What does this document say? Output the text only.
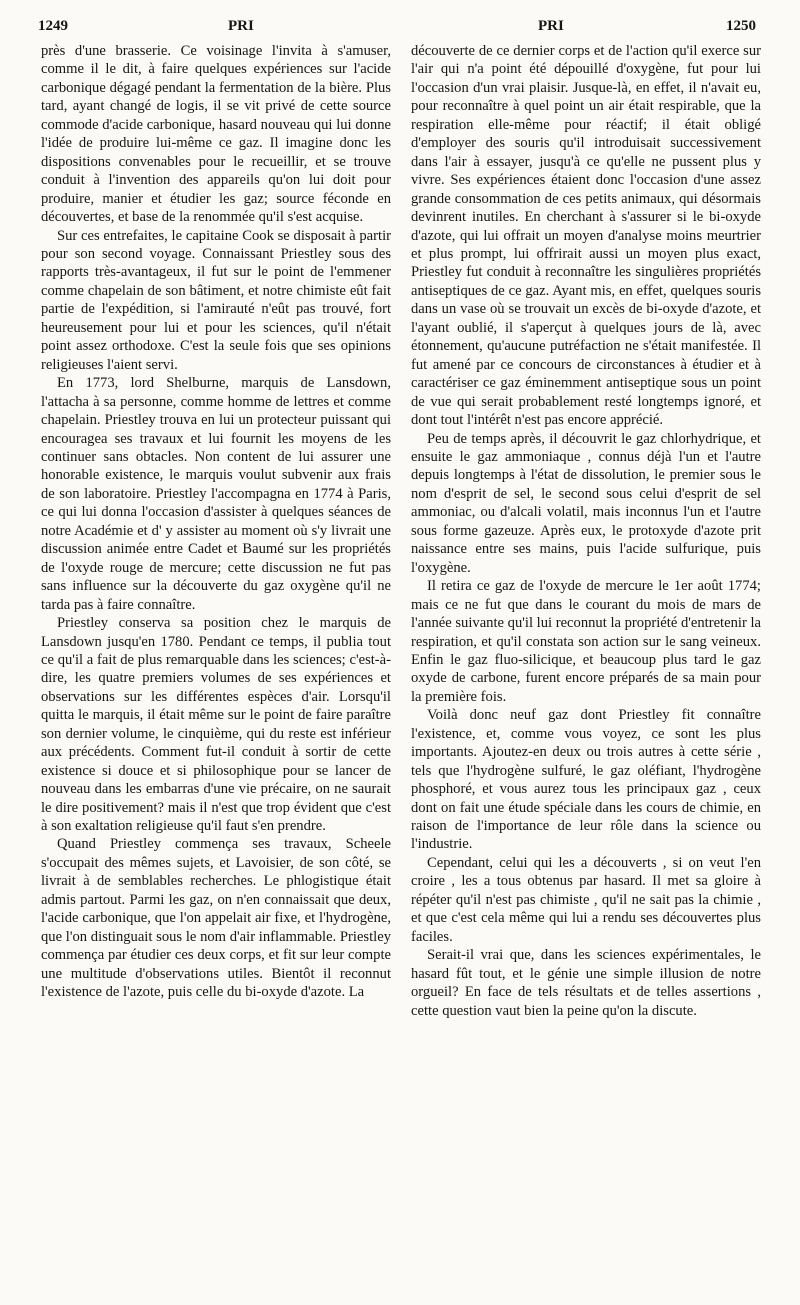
1249	PRI	PRI	1250

près d'une brasserie. Ce voisinage l'invita à s'amuser, comme il le dit, à faire quelques expériences sur l'acide carbonique dégagé pendant la fermentation de la bière. Plus tard, ayant changé de logis, il se vit privé de cette source commode d'acide carbonique, hasard nouveau qui lui donne l'idée de produire lui-même ce gaz. Il imagine donc les dispositions convenables pour le recueillir, et se trouve conduit à l'invention des appareils qu'on lui doit pour produire, manier et étudier les gaz; source féconde en découvertes, et base de la renommée qu'il s'est acquise.

Sur ces entrefaites, le capitaine Cook se disposait à partir pour son second voyage. Connaissant Priestley sous des rapports très-avantageux, il fut sur le point de l'emmener comme chapelain de son bâtiment, et notre chimiste eût fait partie de l'expédition, si l'amirauté n'eût pas trouvé, fort heureusement pour lui et pour les sciences, qu'il n'était point assez orthodoxe. C'est la seule fois que ses opinions religieuses l'aient servi.

En 1773, lord Shelburne, marquis de Lansdown, l'attacha à sa personne, comme homme de lettres et comme chapelain. Priestley trouva en lui un protecteur puissant qui encouragea ses travaux et lui fournit les moyens de les continuer sans obtacles. Non content de lui assurer une honorable existence, le marquis voulut subvenir aux frais de son laboratoire. Priestley l'accompagna en 1774 à Paris, ce qui lui donna l'occasion d'assister à quelques séances de notre Académie et d' y assister au moment où s'y livrait une discussion animée entre Cadet et Baumé sur les propriétés de l'oxyde rouge de mercure; cette discussion ne fut pas sans influence sur la découverte du gaz oxygène qu'il ne tarda pas à faire connaître.

Priestley conserva sa position chez le marquis de Lansdown jusqu'en 1780. Pendant ce temps, il publia tout ce qu'il a fait de plus remarquable dans les sciences; c'est-à-dire, les quatre premiers volumes de ses expériences et observations sur les différentes espèces d'air. Lorsqu'il quitta le marquis, il était même sur le point de faire paraître son dernier volume, le cinquième, qui du reste est inférieur aux précédents. Comment fut-il conduit à sortir de cette existence si douce et si philosophique pour se lancer de nouveau dans les embarras d'une vie précaire, on ne saurait le dire positivement? mais il n'est que trop évident que c'est à son exaltation religieuse qu'il faut s'en prendre.

Quand Priestley commença ses travaux, Scheele s'occupait des mêmes sujets, et Lavoisier, de son côté, se livrait à de semblables recherches. Le phlogistique était admis partout. Parmi les gaz, on n'en connaissait que deux, l'acide carbonique, que l'on appelait air fixe, et l'hydrogène, que l'on distinguait sous le nom d'air inflammable. Priestley commença par étudier ces deux corps, et fit sur leur compte une multitude d'observations utiles. Bientôt il reconnut l'existence de l'azote, puis celle du bi-oxyde d'azote. La

découverte de ce dernier corps et de l'action qu'il exerce sur l'air qui n'a point été dépouillé d'oxygène, fut pour lui l'occasion d'un vrai plaisir. Jusque-là, en effet, il n'avait eu, pour reconnaître à quel point un air était respirable, que la respiration elle-même pour réactif; il était obligé d'employer des souris qu'il introduisait successivement dans l'air à essayer, jusqu'à ce qu'elle ne pussent plus y vivre. Ses expériences étaient donc l'occasion d'une assez grande consommation de ces petits animaux, qui désormais devinrent inutiles. En cherchant à s'assurer si le bi-oxyde d'azote, qui lui offrait un moyen d'analyse moins meurtrier et plus prompt, lui offrirait aussi un moyen plus exact, Priestley fut conduit à reconnaître les singulières propriétés antiseptiques de ce gaz. Ayant mis, en effet, quelques souris dans un vase où se trouvait un excès de bi-oxyde d'azote, et l'ayant oublié, il s'aperçut à quelques jours de là, avec étonnement, qu'aucune putréfaction ne s'était manifestée. Il fut amené par ce concours de circonstances à étudier et à caractériser ce gaz éminemment antiseptique sous un point de vue qui serait probablement resté longtemps ignoré, et dont tout l'intérêt n'est pas encore apprécié.

Peu de temps après, il découvrit le gaz chlorhydrique, et ensuite le gaz ammoniaque , connus déjà l'un et l'autre depuis longtemps à l'état de dissolution, le premier sous le nom d'esprit de sel, le second sous celui d'esprit de sel ammoniac, ou d'alcali volatil, mais inconnus l'un et l'autre sous forme gazeuze. Après eux, le protoxyde d'azote prit naissance entre ses mains, puis l'acide sulfurique, puis l'oxygène.

Il retira ce gaz de l'oxyde de mercure le 1er août 1774; mais ce ne fut que dans le courant du mois de mars de l'année suivante qu'il lui reconnut la propriété d'entretenir la respiration, et qu'il constata son action sur le sang veineux. Enfin le gaz fluo-silicique, et beaucoup plus tard le gaz oxyde de carbone, furent encore préparés de sa main pour la première fois.

Voilà donc neuf gaz dont Priestley fit connaître l'existence, et, comme vous voyez, ce sont les plus importants. Ajoutez-en deux ou trois autres à cette série , tels que l'hydrogène sulfuré, le gaz oléfiant, l'hydrogène phosphoré, et vous aurez tous les principaux gaz , ceux dont on fait une étude spéciale dans les cours de chimie, en raison de l'importance de leur rôle dans la science ou l'industrie.

Cependant, celui qui les a découverts , si on veut l'en croire , les a tous obtenus par hasard. Il met sa gloire à répéter qu'il n'est pas chimiste , qu'il ne sait pas la chimie , et que c'est cela même qui lui a rendu ses découvertes plus faciles.

Serait-il vrai que, dans les sciences expérimentales, le hasard fût tout, et le génie une simple illusion de notre orgueil? En face de tels résultats et de telles assertions , cette question vaut bien la peine qu'on la discute.
